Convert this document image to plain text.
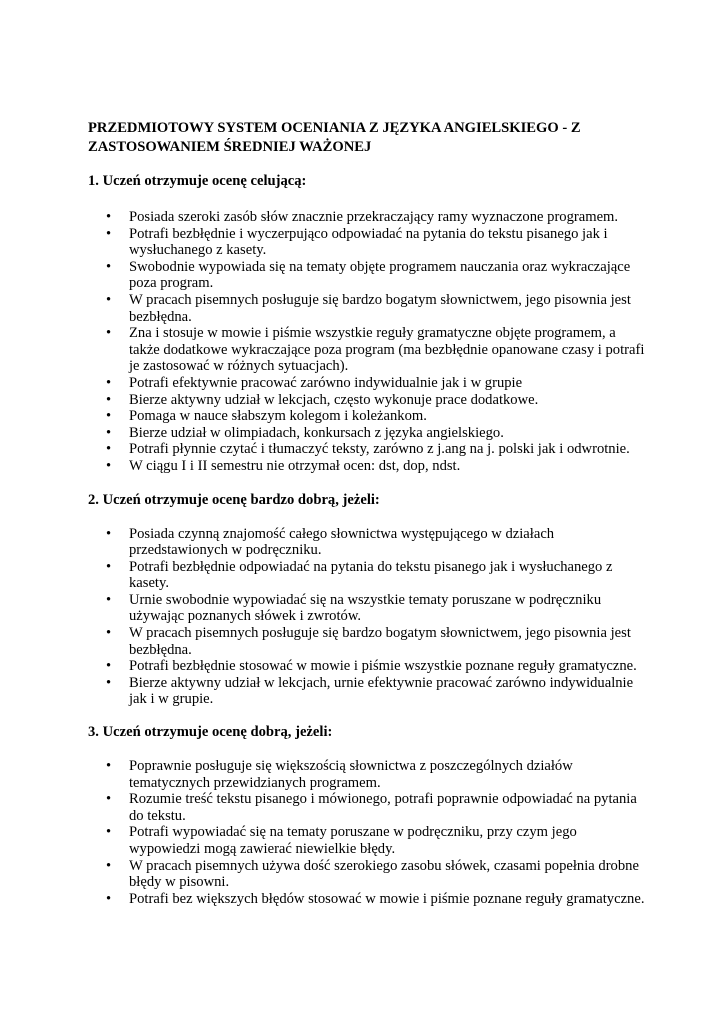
PRZEDMIOTOWY SYSTEM OCENIANIA Z JĘZYKA ANGIELSKIEGO - Z ZASTOSOWANIEM ŚREDNIEJ WAŻONEJ
1. Uczeń otrzymuje ocenę celującą:
• Posiada szeroki zasób słów znacznie przekraczający ramy wyznaczone programem.
• Potrafi bezbłędnie i wyczerpująco odpowiadać na pytania do tekstu pisanego jak i wysłuchanego z kasety.
• Swobodnie wypowiada się na tematy objęte programem nauczania oraz wykraczające poza program.
• W pracach pisemnych posługuje się bardzo bogatym słownictwem, jego pisownia jest bezbłędna.
• Zna i stosuje w mowie i piśmie wszystkie reguły gramatyczne objęte programem, a także dodatkowe wykraczające poza program (ma bezbłędnie opanowane czasy i potrafi je zastosować w różnych sytuacjach).
• Potrafi efektywnie pracować zarówno indywidualnie jak i w grupie
• Bierze aktywny udział w lekcjach, często wykonuje prace dodatkowe.
• Pomaga w nauce słabszym kolegom i koleżankom.
• Bierze udział w olimpiadach, konkursach z języka angielskiego.
• Potrafi płynnie czytać i tłumaczyć teksty, zarówno z j.ang na j. polski jak i odwrotnie.
• W ciągu I i II semestru nie otrzymał ocen: dst, dop, ndst.
2. Uczeń otrzymuje ocenę bardzo dobrą, jeżeli:
• Posiada czynną znajomość całego słownictwa występującego w działach przedstawionych w podręczniku.
• Potrafi bezbłędnie odpowiadać na pytania do tekstu pisanego jak i wysłuchanego z kasety.
• Urnie swobodnie wypowiadać się na wszystkie tematy poruszane w podręczniku używając poznanych słówek i zwrotów.
• W pracach pisemnych posługuje się bardzo bogatym słownictwem, jego pisownia jest bezbłędna.
• Potrafi bezbłędnie stosować w mowie i piśmie wszystkie poznane reguły gramatyczne.
• Bierze aktywny udział w lekcjach, urnie efektywnie pracować zarówno indywidualnie jak i w grupie.
3. Uczeń otrzymuje ocenę dobrą, jeżeli:
• Poprawnie posługuje się większością słownictwa z poszczególnych działów tematycznych przewidzianych programem.
• Rozumie treść tekstu pisanego i mówionego, potrafi poprawnie odpowiadać na pytania do tekstu.
• Potrafi wypowiadać się na tematy poruszane w podręczniku, przy czym jego wypowiedzi mogą zawierać niewielkie błędy.
• W pracach pisemnych używa dość szerokiego zasobu słówek, czasami popełnia drobne błędy w pisowni.
• Potrafi bez większych błędów stosować w mowie i piśmie poznane reguły gramatyczne.
